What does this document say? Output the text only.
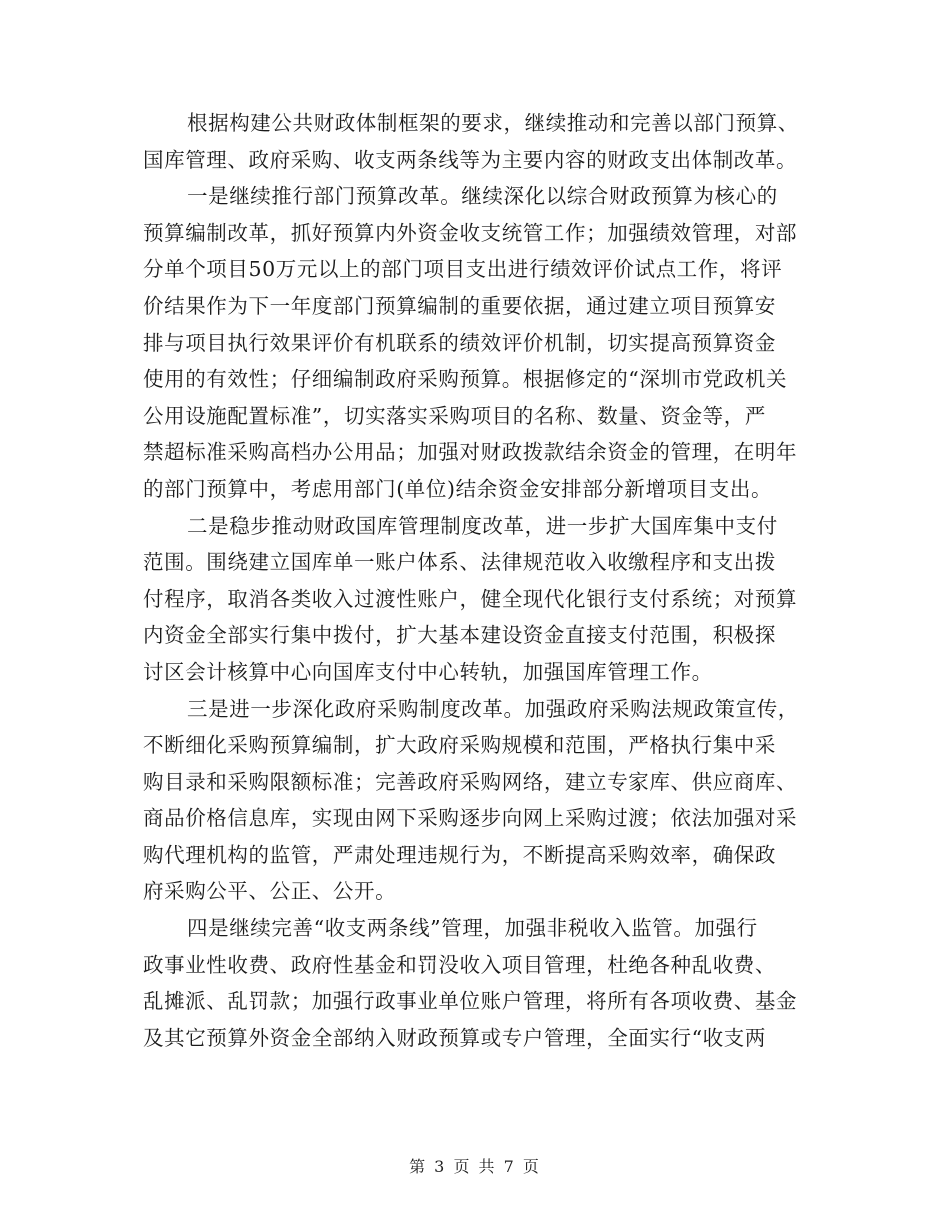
根据构建公共财政体制框架的要求，继续推动和完善以部门预算、
国库管理、政府采购、收支两条线等为主要内容的财政支出体制改革。

一是继续推行部门预算改革。继续深化以综合财政预算为核心的
预算编制改革，抓好预算内外资金收支统管工作；加强绩效管理，对部
分单个项目50万元以上的部门项目支出进行绩效评价试点工作，将评
价结果作为下一年度部门预算编制的重要依据，通过建立项目预算安
排与项目执行效果评价有机联系的绩效评价机制，切实提高预算资金
使用的有效性；仔细编制政府采购预算。根据修定的“深圳市党政机关
公用设施配置标准”，切实落实采购项目的名称、数量、资金等，严
禁超标准采购高档办公用品；加强对财政拨款结余资金的管理，在明年
的部门预算中，考虑用部门(单位)结余资金安排部分新增项目支出。

二是稳步推动财政国库管理制度改革，进一步扩大国库集中支付
范围。围绕建立国库单一账户体系、法律规范收入收缴程序和支出拨
付程序，取消各类收入过渡性账户，健全现代化银行支付系统；对预算
内资金全部实行集中拨付，扩大基本建设资金直接支付范围，积极探
讨区会计核算中心向国库支付中心转轨，加强国库管理工作。

三是进一步深化政府采购制度改革。加强政府采购法规政策宣传，
不断细化采购预算编制，扩大政府采购规模和范围，严格执行集中采
购目录和采购限额标准；完善政府采购网络，建立专家库、供应商库、
商品价格信息库，实现由网下采购逐步向网上采购过渡；依法加强对采
购代理机构的监管，严肃处理违规行为，不断提高采购效率，确保政
府采购公平、公正、公开。

四是继续完善“收支两条线”管理，加强非税收入监管。加强行
政事业性收费、政府性基金和罚没收入项目管理，杜绝各种乱收费、
乱摊派、乱罚款；加强行政事业单位账户管理，将所有各项收费、基金
及其它预算外资金全部纳入财政预算或专户管理，全面实行“收支两

第 3 页 共 7 页
